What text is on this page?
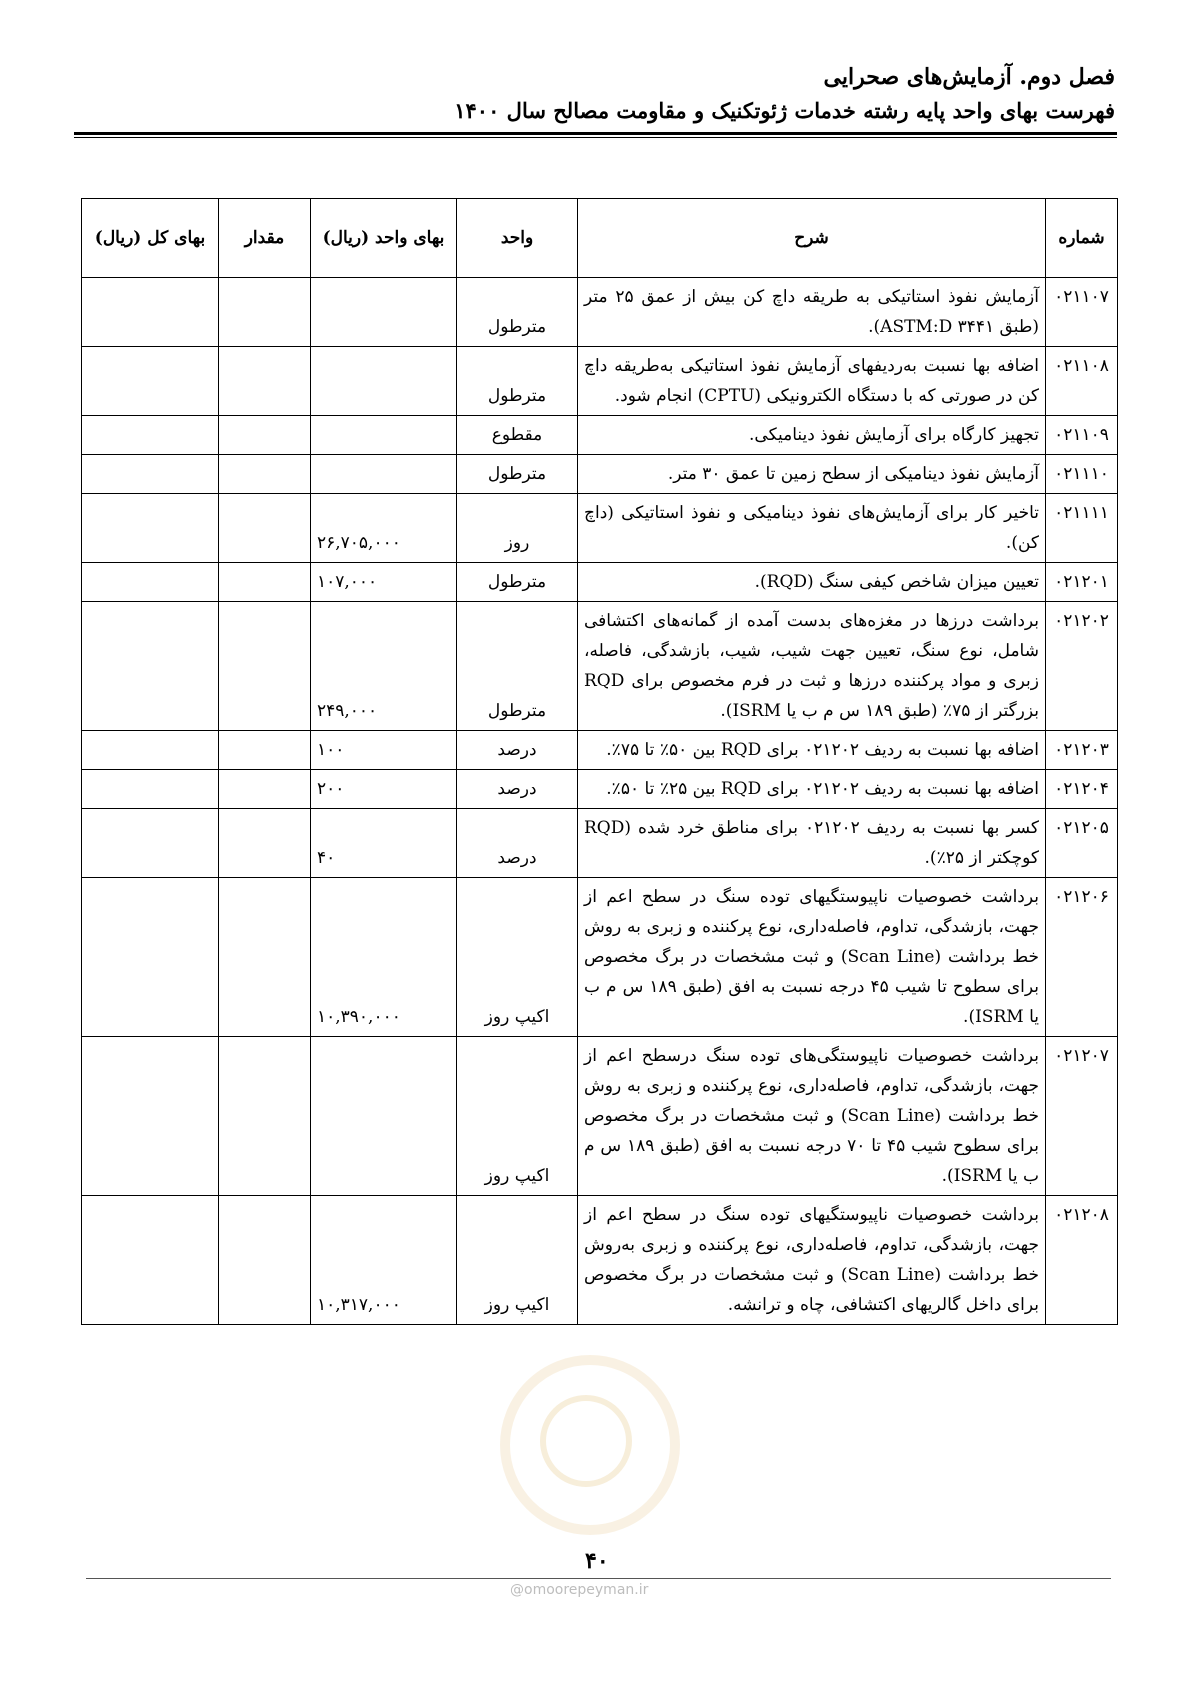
فصل دوم. آزمایش‌های صحرایی
فهرست بهای واحد پایه رشته خدمات ژئوتکنیک و مقاومت مصالح سال ۱۴۰۰
شماره	شرح	واحد	بهای واحد (ریال)	مقدار	بهای کل (ریال)
۰۲۱۱۰۷	آزمایش نفوذ استاتیکی به طریقه داچ کن بیش از عمق ۲۵ متر (طبق ASTM:D ۳۴۴۱).	مترطول			
۰۲۱۱۰۸	اضافه بها نسبت به‌ردیفهای آزمایش نفوذ استاتیکی به‌طریقه داچ کن در صورتی که با دستگاه الکترونیکی (CPTU) انجام شود.	مترطول			
۰۲۱۱۰۹	تجهیز کارگاه برای آزمایش نفوذ دینامیکی.	مقطوع			
۰۲۱۱۱۰	آزمایش نفوذ دینامیکی از سطح زمین تا عمق ۳۰ متر.	مترطول			
۰۲۱۱۱۱	تاخیر کار برای آزمایش‌های نفوذ دینامیکی و نفوذ استاتیکی (داچ کن).	روز	۲۶,۷۰۵,۰۰۰		
۰۲۱۲۰۱	تعیین میزان شاخص کیفی سنگ (RQD).	مترطول	۱۰۷,۰۰۰		
۰۲۱۲۰۲	برداشت درزها در مغزه‌های بدست آمده از گمانه‌های اکتشافی شامل، نوع سنگ، تعیین جهت شیب، شیب، بازشدگی، فاصله، زبری و مواد پرکننده درزها و ثبت در فرم مخصوص برای RQD بزرگتر از ۷۵٪ (طبق ۱۸۹ س م ب یا ISRM).	مترطول	۲۴۹,۰۰۰		
۰۲۱۲۰۳	اضافه بها نسبت به ردیف ۰۲۱۲۰۲ برای RQD بین ۵۰٪ تا ۷۵٪.	درصد	۱۰۰		
۰۲۱۲۰۴	اضافه بها نسبت به ردیف ۰۲۱۲۰۲ برای RQD بین ۲۵٪ تا ۵۰٪.	درصد	۲۰۰		
۰۲۱۲۰۵	کسر بها نسبت به ردیف ۰۲۱۲۰۲ برای مناطق خرد شده (RQD کوچکتر از ۲۵٪).	درصد	۴۰		
۰۲۱۲۰۶	برداشت خصوصیات ناپیوستگیهای توده سنگ در سطح اعم از جهت، بازشدگی، تداوم، فاصله‌داری، نوع پرکننده و زبری به روش خط برداشت (Scan Line) و ثبت مشخصات در برگ مخصوص برای سطوح تا شیب ۴۵ درجه نسبت به افق (طبق ۱۸۹ س م ب یا ISRM).	اکیپ روز	۱۰,۳۹۰,۰۰۰		
۰۲۱۲۰۷	برداشت خصوصیات ناپیوستگی‌های توده سنگ درسطح اعم از جهت، بازشدگی، تداوم، فاصله‌داری، نوع پرکننده و زبری به روش خط برداشت (Scan Line) و ثبت مشخصات در برگ مخصوص برای سطوح شیب ۴۵ تا ۷۰ درجه نسبت به افق (طبق ۱۸۹ س م ب یا ISRM).	اکیپ روز			
۰۲۱۲۰۸	برداشت خصوصیات ناپیوستگیهای توده سنگ در سطح اعم از جهت، بازشدگی، تداوم، فاصله‌داری، نوع پرکننده و زبری به‌روش خط برداشت (Scan Line) و ثبت مشخصات در برگ مخصوص برای داخل گالریهای اکتشافی، چاه و ترانشه.	اکیپ روز	۱۰,۳۱۷,۰۰۰		
۴۰
@omoorepeyman.ir
